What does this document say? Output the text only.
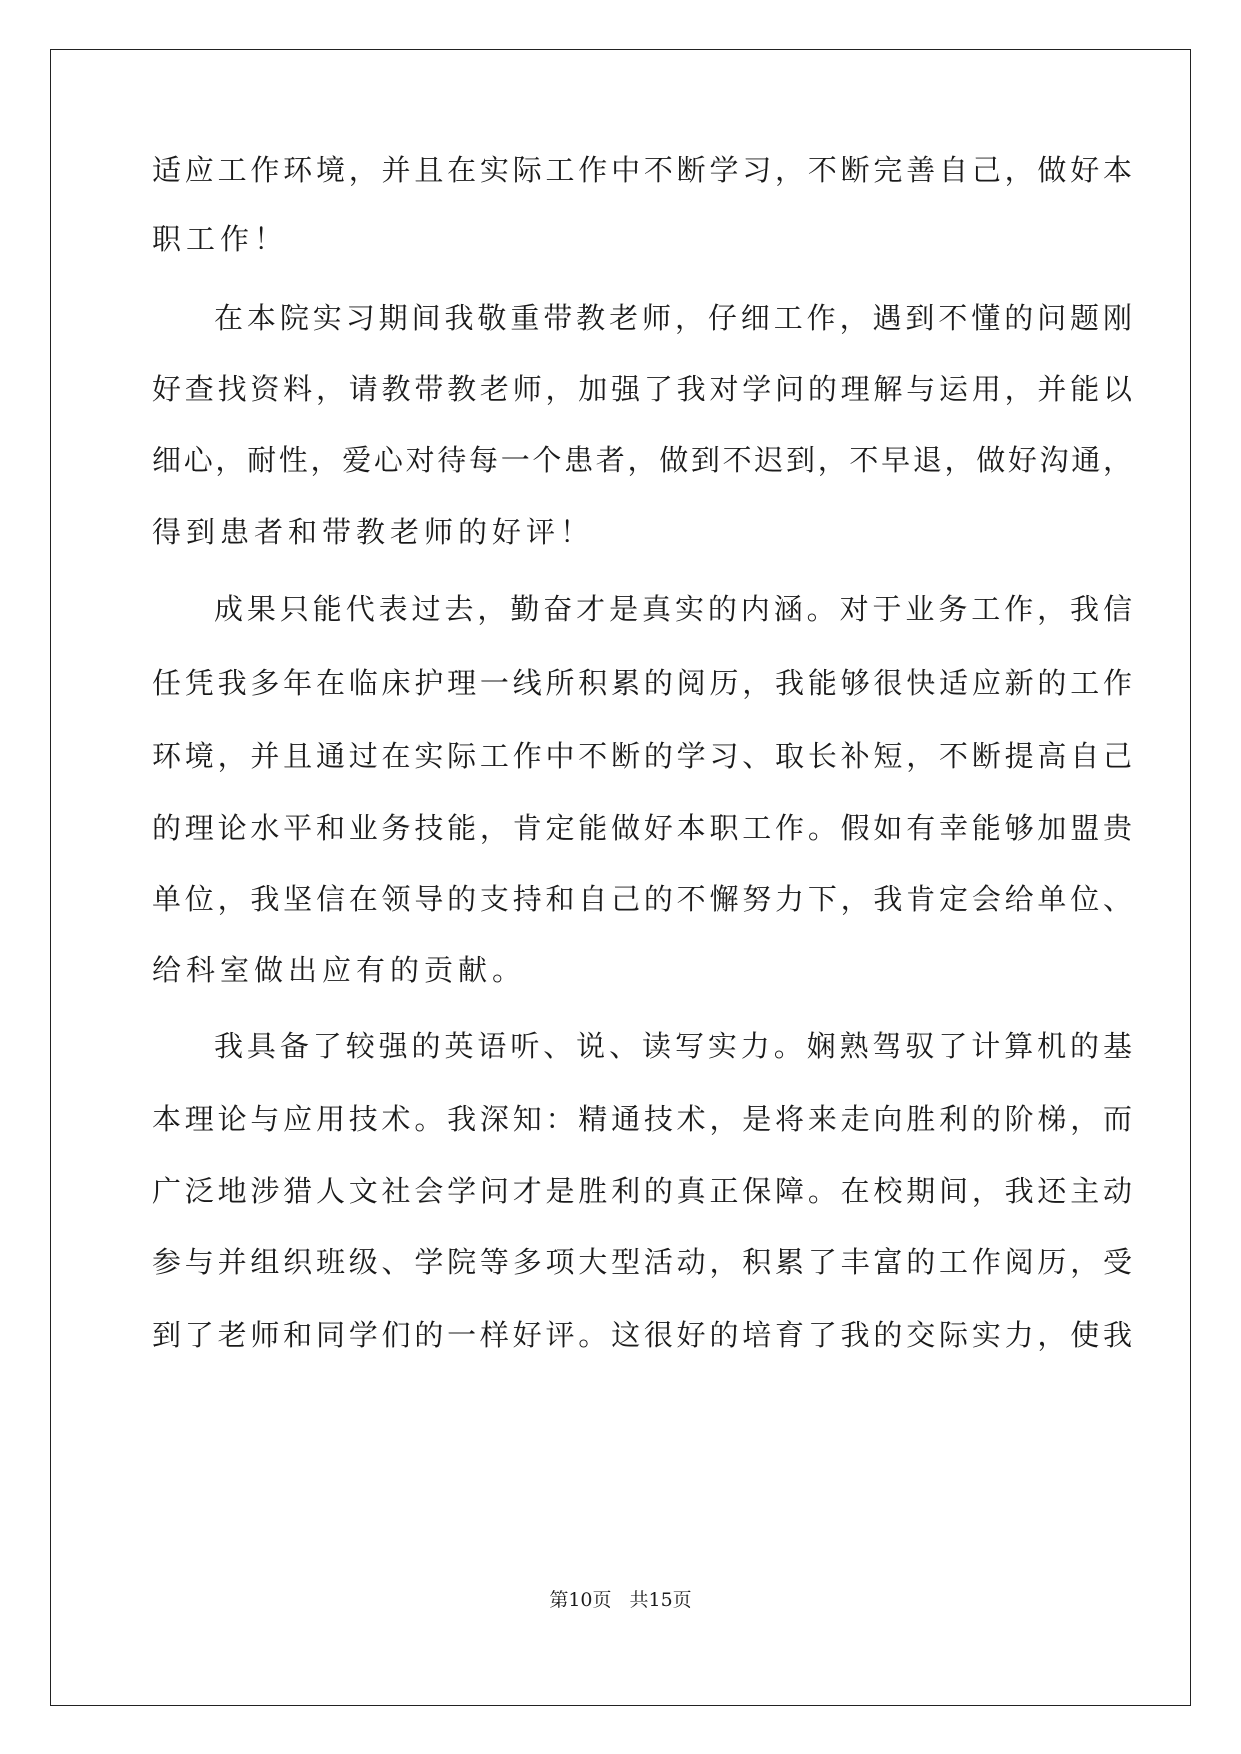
适应工作环境，并且在实际工作中不断学习，不断完善自己，做好本
职工作！
在本院实习期间我敬重带教老师，仔细工作，遇到不懂的问题刚
好查找资料，请教带教老师，加强了我对学问的理解与运用，并能以
细心，耐性，爱心对待每一个患者，做到不迟到，不早退，做好沟通，
得到患者和带教老师的好评！
成果只能代表过去，勤奋才是真实的内涵。对于业务工作，我信
任凭我多年在临床护理一线所积累的阅历，我能够很快适应新的工作
环境，并且通过在实际工作中不断的学习、取长补短，不断提高自己
的理论水平和业务技能，肯定能做好本职工作。假如有幸能够加盟贵
单位，我坚信在领导的支持和自己的不懈努力下，我肯定会给单位、
给科室做出应有的贡献。
我具备了较强的英语听、说、读写实力。娴熟驾驭了计算机的基
本理论与应用技术。我深知：精通技术，是将来走向胜利的阶梯，而
广泛地涉猎人文社会学问才是胜利的真正保障。在校期间，我还主动
参与并组织班级、学院等多项大型活动，积累了丰富的工作阅历，受
到了老师和同学们的一样好评。这很好的培育了我的交际实力，使我
第10页 共15页
